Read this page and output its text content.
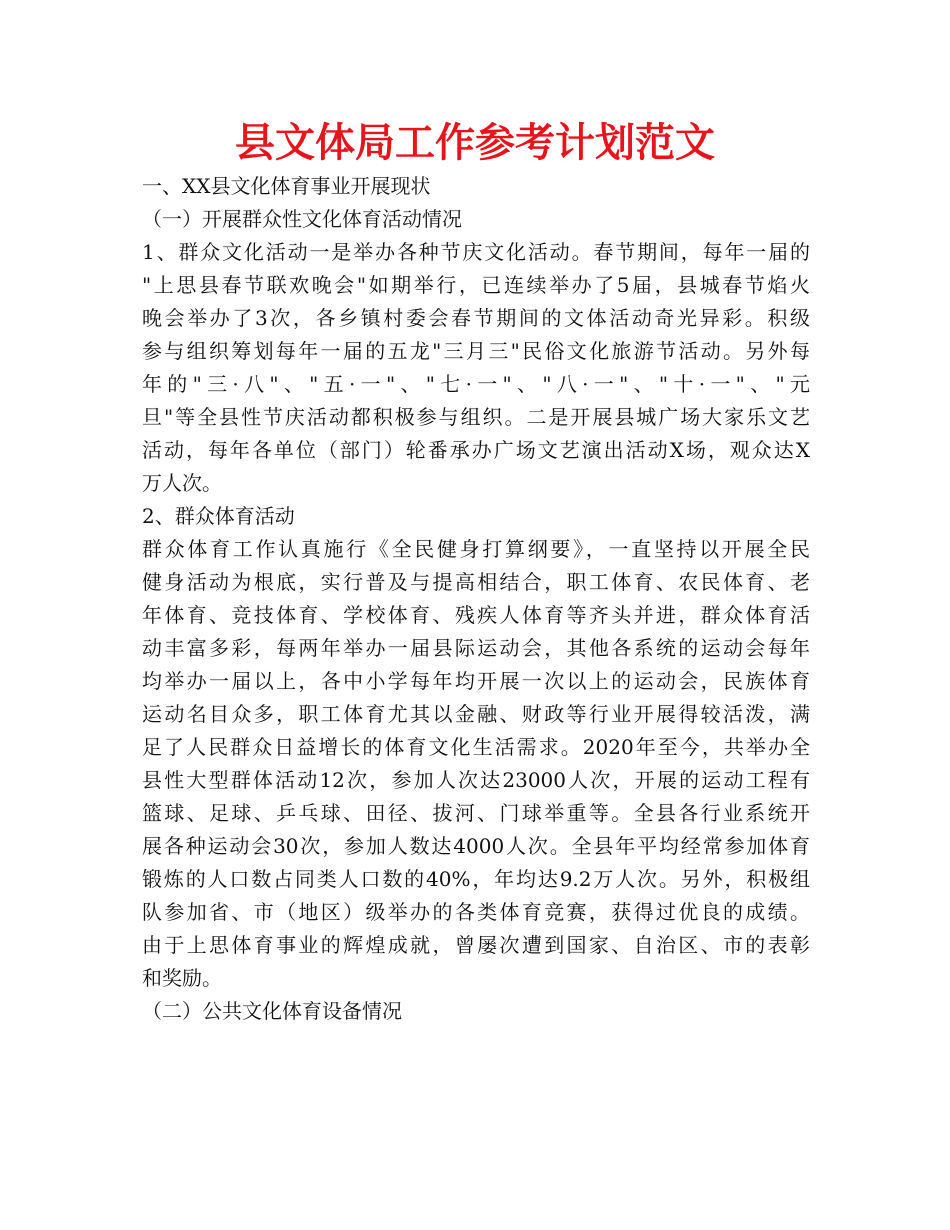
县文体局工作参考计划范文
一、XX县文化体育事业开展现状
（一）开展群众性文化体育活动情况
1、群众文化活动一是举办各种节庆文化活动。春节期间，每年一届的
"上思县春节联欢晚会"如期举行，已连续举办了5届，县城春节焰火
晚会举办了3次，各乡镇村委会春节期间的文体活动奇光异彩。积级
参与组织筹划每年一届的五龙"三月三"民俗文化旅游节活动。另外每
年的"三·八"、"五·一"、"七·一"、"八·一"、"十·一"、"元
旦"等全县性节庆活动都积极参与组织。二是开展县城广场大家乐文艺
活动，每年各单位（部门）轮番承办广场文艺演出活动X场，观众达X
万人次。
2、群众体育活动
群众体育工作认真施行《全民健身打算纲要》，一直坚持以开展全民
健身活动为根底，实行普及与提高相结合，职工体育、农民体育、老
年体育、竞技体育、学校体育、残疾人体育等齐头并进，群众体育活
动丰富多彩，每两年举办一届县际运动会，其他各系统的运动会每年
均举办一届以上，各中小学每年均开展一次以上的运动会，民族体育
运动名目众多，职工体育尤其以金融、财政等行业开展得较活泼，满
足了人民群众日益增长的体育文化生活需求。2020年至今，共举办全
县性大型群体活动12次，参加人次达23000人次，开展的运动工程有
篮球、足球、乒乓球、田径、拔河、门球举重等。全县各行业系统开
展各种运动会30次，参加人数达4000人次。全县年平均经常参加体育
锻炼的人口数占同类人口数的40%，年均达9.2万人次。另外，积极组
队参加省、市（地区）级举办的各类体育竞赛，获得过优良的成绩。
由于上思体育事业的辉煌成就，曾屡次遭到国家、自治区、市的表彰
和奖励。
（二）公共文化体育设备情况
